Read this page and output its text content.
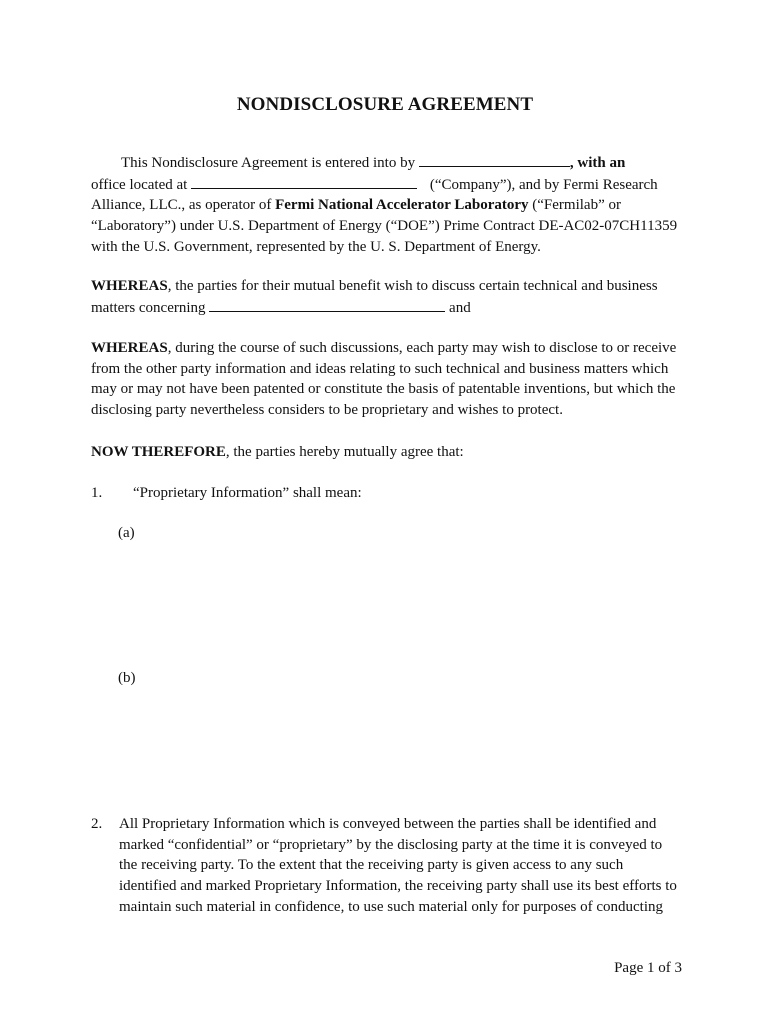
NONDISCLOSURE AGREEMENT

This Nondisclosure Agreement is entered into by	, with an

office located at	(“Company”), and by Fermi Research

Alliance, LLC., as operator of Fermi National Accelerator Laboratory (“Fermilab” or

“Laboratory”) under U.S. Department of Energy (“DOE”) Prime Contract DE-AC02-07CH11359

with the U.S. Government, represented by the U. S. Department of Energy.

WHEREAS, the parties for their mutual benefit wish to discuss certain technical and business

matters concerning	and

WHEREAS, during the course of such discussions, each party may wish to disclose to or receive

from the other party information and ideas relating to such technical and business matters which

may or may not have been patented or constitute the basis of patentable inventions, but which the

disclosing party nevertheless considers to be proprietary and wishes to protect.

NOW THEREFORE, the parties hereby mutually agree that:

1. “Proprietary Information” shall mean:
(a)
(b)
2. All Proprietary Information which is conveyed between the parties shall be identified and
marked “confidential” or “proprietary” by the disclosing party at the time it is conveyed to
the receiving party. To the extent that the receiving party is given access to any such
identified and marked Proprietary Information, the receiving party shall use its best efforts to
maintain such material in confidence, to use such material only for purposes of conducting
Page 1 of 3
